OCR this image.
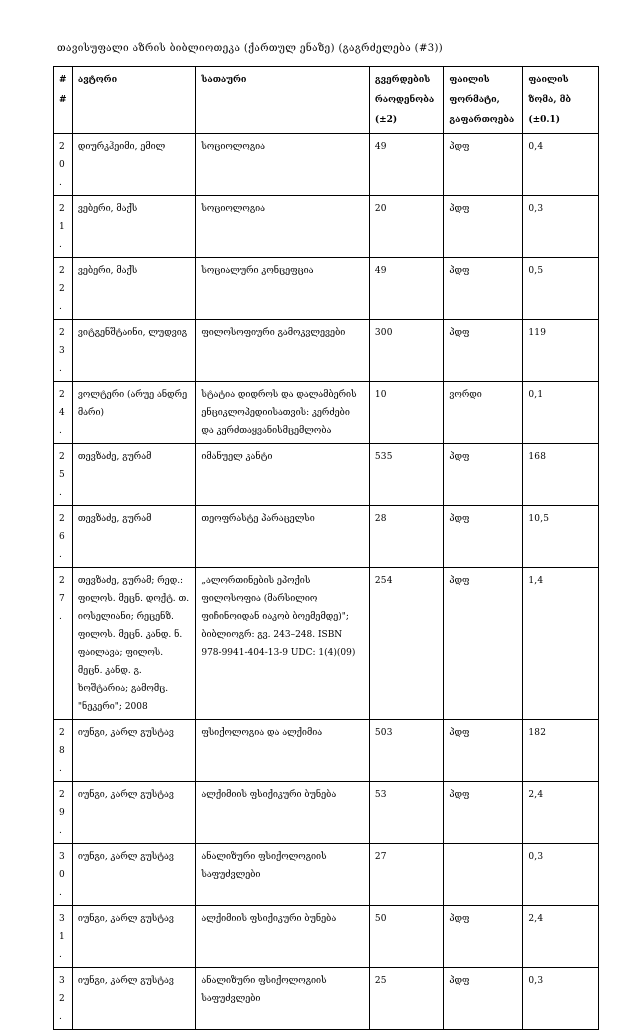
თავისუფალი აზრის ბიბლიოთეკა (ქართულ ენაზე) (გაგრძელება (#3))
##	ავტორი	სათაური	გვერდების რაოდენობა (±2)	ფაილის ფორმატი, გაფართოება	ფაილის ზომა, მბ (±0.1)
20.	დიურკჰეიმი, ემილ	სოციოლოგია	49	პდფ	0,4
21.	ვებერი, მაქს	სოციოლოგია	20	პდფ	0,3
22.	ვებერი, მაქს	სოციალური კონცეფცია	49	პდფ	0,5
23.	ვიტგენშტაინი, ლუდვიგ	ფილოსოფიური გამოკვლევები	300	პდფ	119
24.	ვოლტერი (არუე ანდრე მარი)	სტატია დიდროს და დალამბერის ენციკლოპედიისათვის: კერძები და კერძთაყვანისმცემლობა	10	ვორდი	0,1
25.	თევზაძე, გურამ	იმანუელ კანტი	535	პდფ	168
26.	თევზაძე, გურამ	თეოფრასტე პარაცელსი	28	პდფ	10,5
27.	თევზაძე, გურამ; რედ.: ფილოს. მეცნ. დოქტ. თ. იოსელიანი; რეცენზ. ფილოს. მეცნ. კანდ. ნ. ფაილავა; ფილოს. მეცნ. კანდ. გ. ხოშტარია; გამომც. "ნეკერი"; 2008	„ალორთინების ეპოქის ფილოსოფია (მარსილიო ფიჩინოიდან იაკობ ბოემემდე)"; ბიბლიოგრ: გვ. 243–248. ISBN 978-9941-404-13-9 UDC: 1(4)(09)	254	პდფ	1,4
28.	იუნგი, კარლ გუსტავ	ფსიქოლოგია და ალქიმია	503	პდფ	182
29.	იუნგი, კარლ გუსტავ	ალქიმიის ფსიქიკური ბუნება	53	პდფ	2,4
30.	იუნგი, კარლ გუსტავ	ანალიზური ფსიქოლოგიის საფუძვლები	27		0,3
31.	იუნგი, კარლ გუსტავ	ალქიმიის ფსიქიკური ბუნება	50	პდფ	2,4
32.	იუნგი, კარლ გუსტავ	ანალიზური ფსიქოლოგიის საფუძვლები	25	პდფ	0,3
